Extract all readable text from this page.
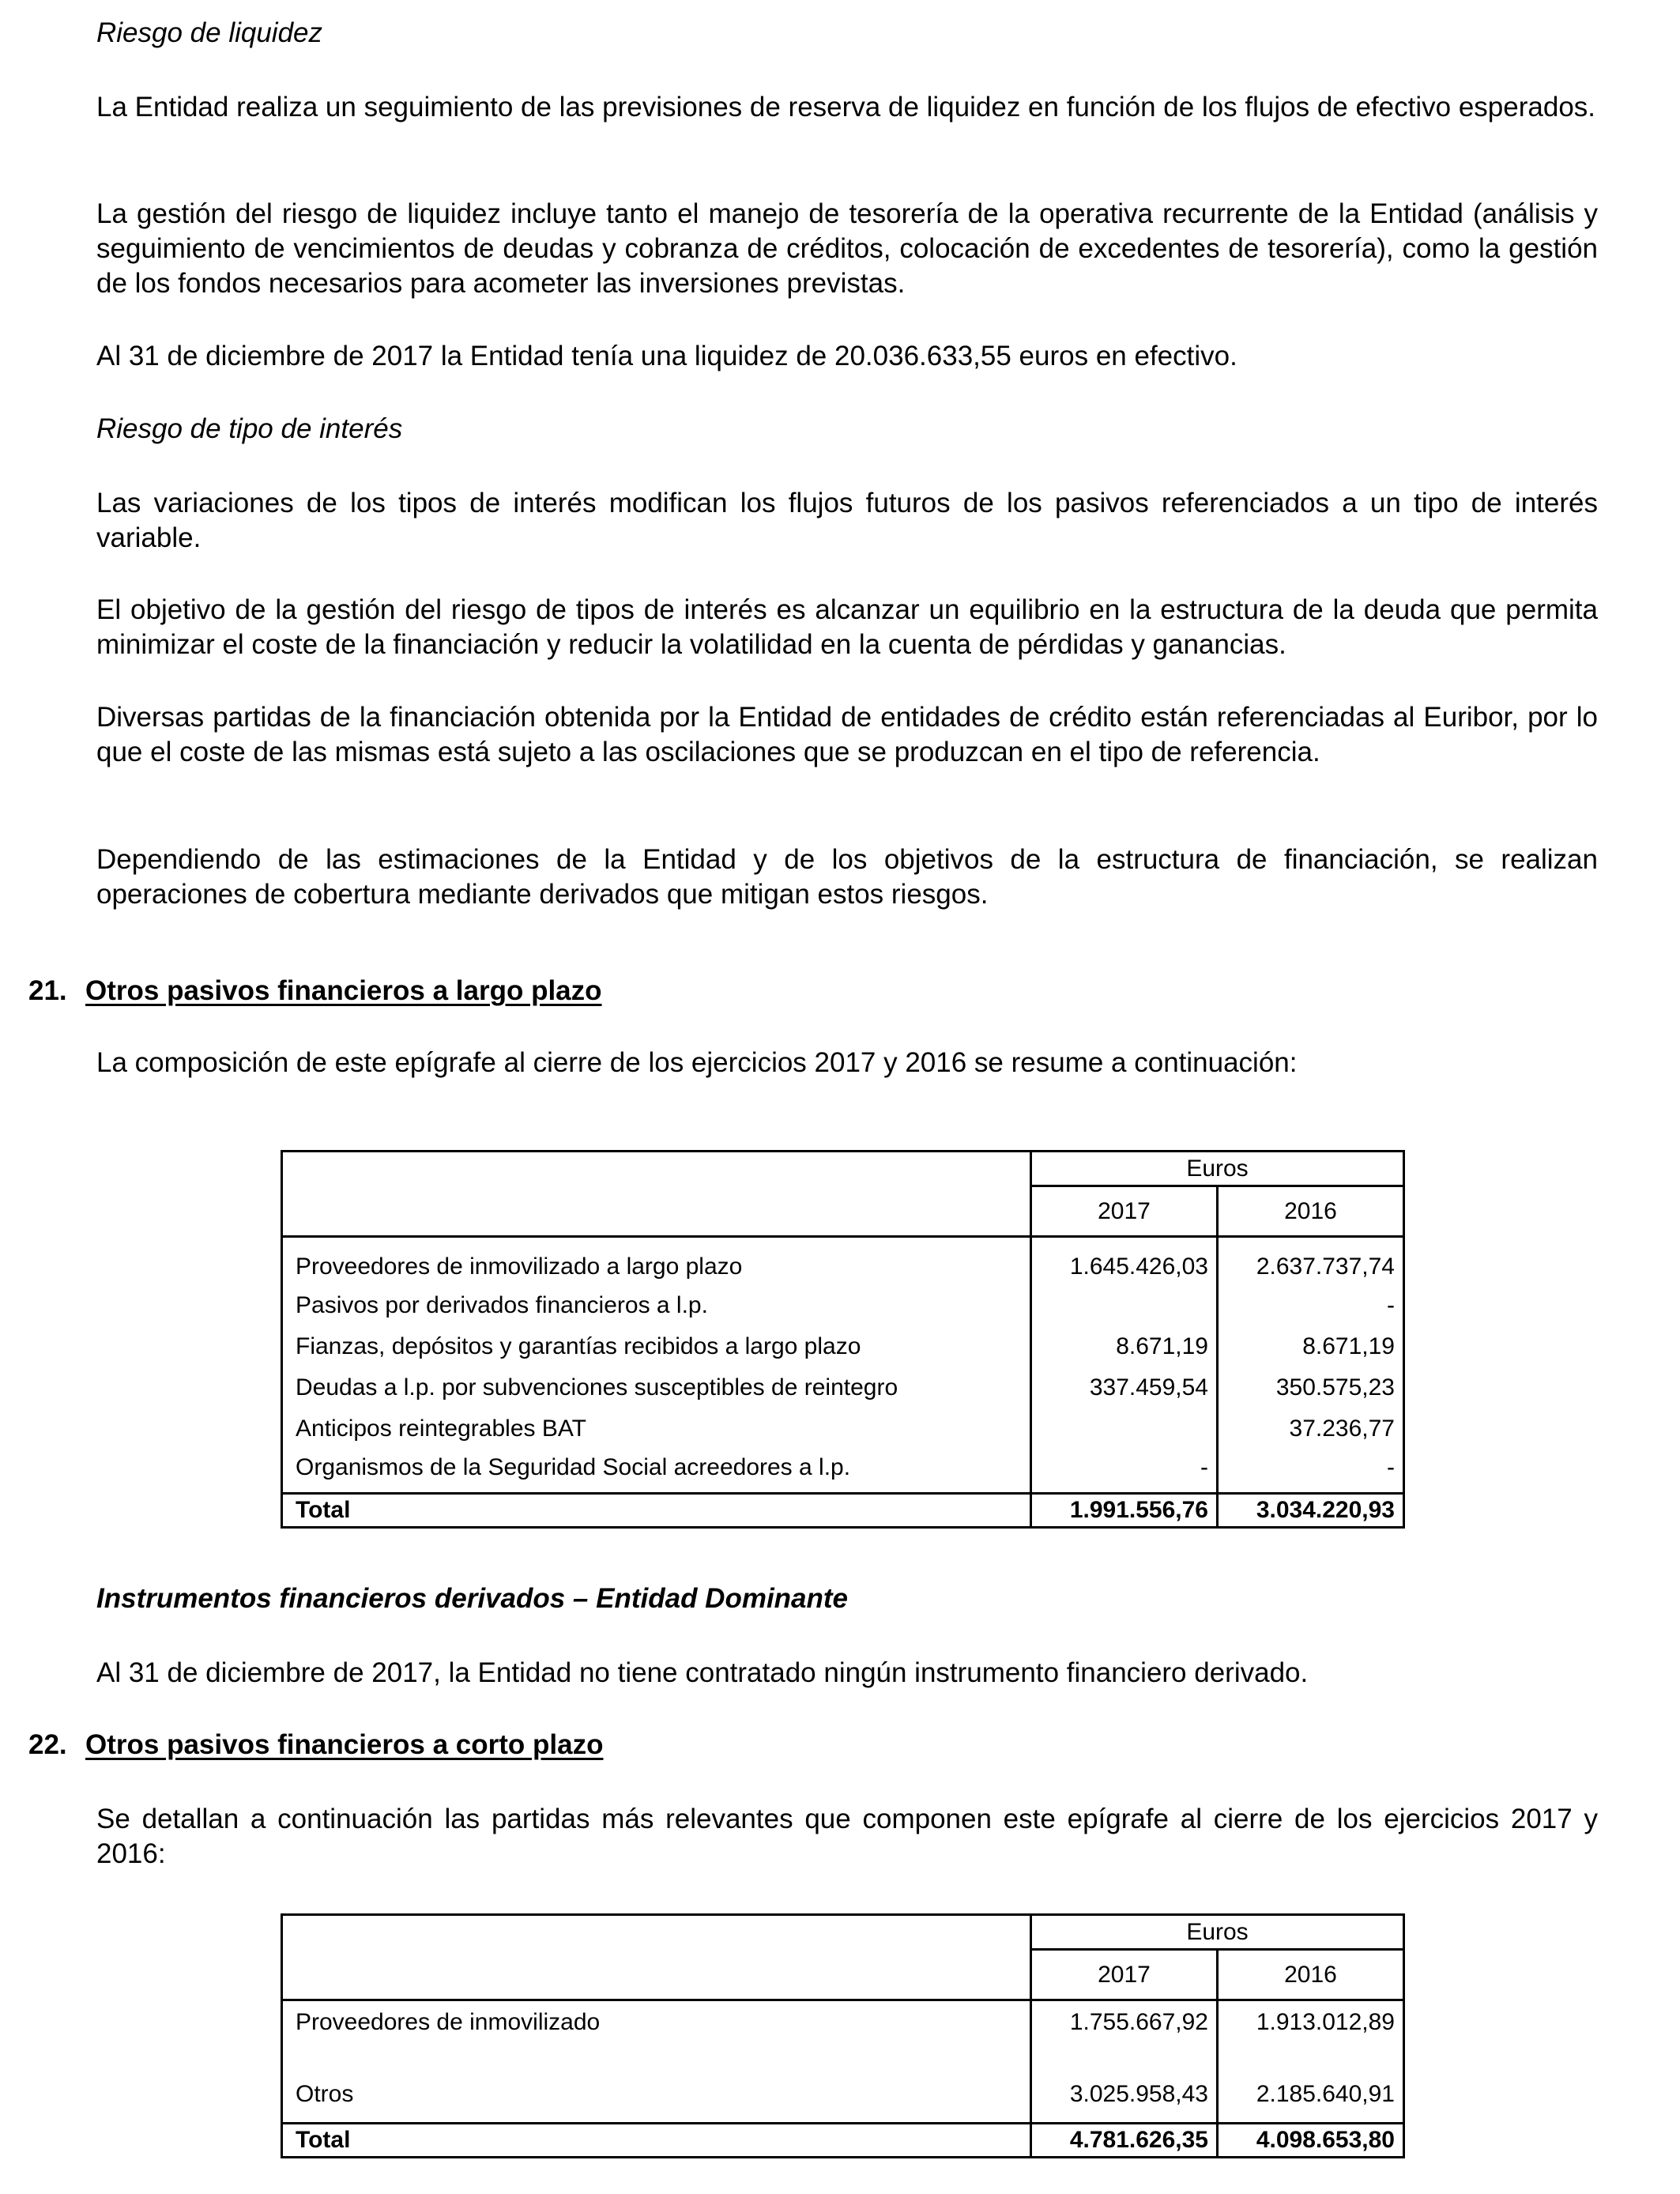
Riesgo de liquidez
La Entidad realiza un seguimiento de las previsiones de reserva de liquidez en función de los flujos de efectivo esperados.
La gestión del riesgo de liquidez incluye tanto el manejo de tesorería de la operativa recurrente de la Entidad (análisis y seguimiento de vencimientos de deudas y cobranza de créditos, colocación de excedentes de tesorería), como la gestión de los fondos necesarios para acometer las inversiones previstas.
Al 31 de diciembre de 2017 la Entidad tenía una liquidez de 20.036.633,55 euros en efectivo.
Riesgo de tipo de interés
Las variaciones de los tipos de interés modifican los flujos futuros de los pasivos referenciados a un tipo de interés variable.
El objetivo de la gestión del riesgo de tipos de interés es alcanzar un equilibrio en la estructura de la deuda que permita minimizar el coste de la financiación y reducir la volatilidad en la cuenta de pérdidas y ganancias.
Diversas partidas de la financiación obtenida por la Entidad de entidades de crédito están referenciadas al Euribor, por lo que el coste de las mismas está sujeto a las oscilaciones que se produzcan en el tipo de referencia.
Dependiendo de las estimaciones de la Entidad y de los objetivos de la estructura de financiación, se realizan operaciones de cobertura mediante derivados que mitigan estos riesgos.
21. Otros pasivos financieros a largo plazo
La composición de este epígrafe al cierre de los ejercicios 2017 y 2016 se resume a continuación:
	Euros	
	2017	2016
Proveedores de inmovilizado a largo plazo	1.645.426,03	2.637.737,74
Pasivos por derivados financieros a l.p.		-
Fianzas, depósitos y garantías recibidos a largo plazo	8.671,19	8.671,19
Deudas a l.p. por subvenciones susceptibles de reintegro	337.459,54	350.575,23
Anticipos reintegrables BAT		37.236,77
Organismos de la Seguridad Social acreedores a l.p.	-	-
Total	1.991.556,76	3.034.220,93
Instrumentos financieros derivados – Entidad Dominante
Al 31 de diciembre de 2017, la Entidad no tiene contratado ningún instrumento financiero derivado.
22. Otros pasivos financieros a corto plazo
Se detallan a continuación las partidas más relevantes que componen este epígrafe al cierre de los ejercicios 2017 y 2016:
	Euros	
	2017	2016
Proveedores de inmovilizado	1.755.667,92	1.913.012,89
Otros	3.025.958,43	2.185.640,91
Total	4.781.626,35	4.098.653,80
